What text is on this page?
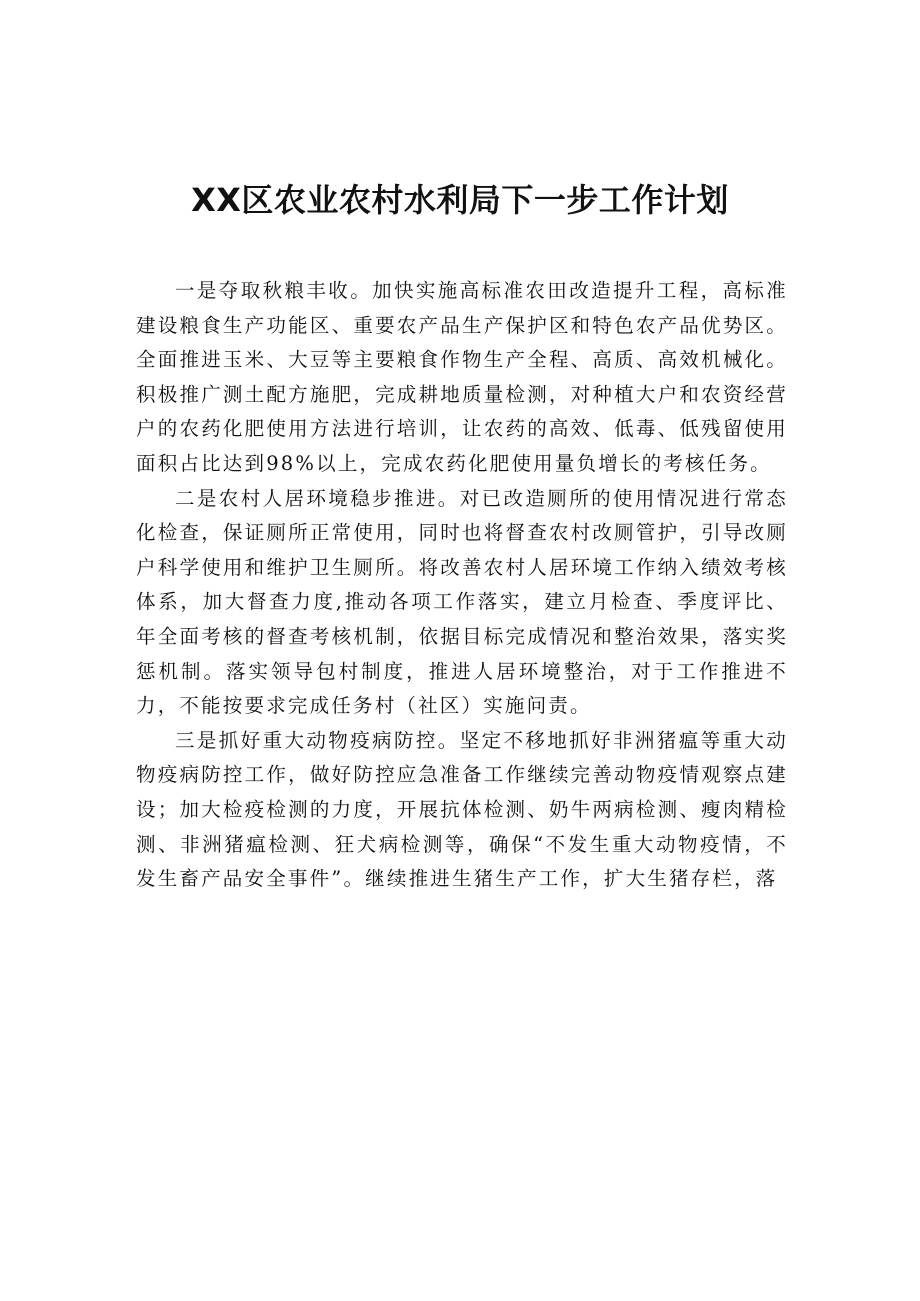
XX区农业农村水利局下一步工作计划

一是夺取秋粮丰收。加快实施高标准农田改造提升工程，高标准建设粮食生产功能区、重要农产品生产保护区和特色农产品优势区。全面推进玉米、大豆等主要粮食作物生产全程、高质、高效机械化。积极推广测土配方施肥，完成耕地质量检测，对种植大户和农资经营户的农药化肥使用方法进行培训，让农药的高效、低毒、低残留使用面积占比达到98%以上，完成农药化肥使用量负增长的考核任务。

二是农村人居环境稳步推进。对已改造厕所的使用情况进行常态化检查，保证厕所正常使用，同时也将督查农村改厕管护，引导改厕户科学使用和维护卫生厕所。将改善农村人居环境工作纳入绩效考核体系，加大督查力度,推动各项工作落实，建立月检查、季度评比、年全面考核的督查考核机制，依据目标完成情况和整治效果，落实奖惩机制。落实领导包村制度，推进人居环境整治，对于工作推进不力，不能按要求完成任务村（社区）实施问责。

三是抓好重大动物疫病防控。坚定不移地抓好非洲猪瘟等重大动物疫病防控工作，做好防控应急准备工作继续完善动物疫情观察点建设；加大检疫检测的力度，开展抗体检测、奶牛两病检测、瘦肉精检测、非洲猪瘟检测、狂犬病检测等，确保“不发生重大动物疫情，不发生畜产品安全事件”。继续推进生猪生产工作，扩大生猪存栏，落
